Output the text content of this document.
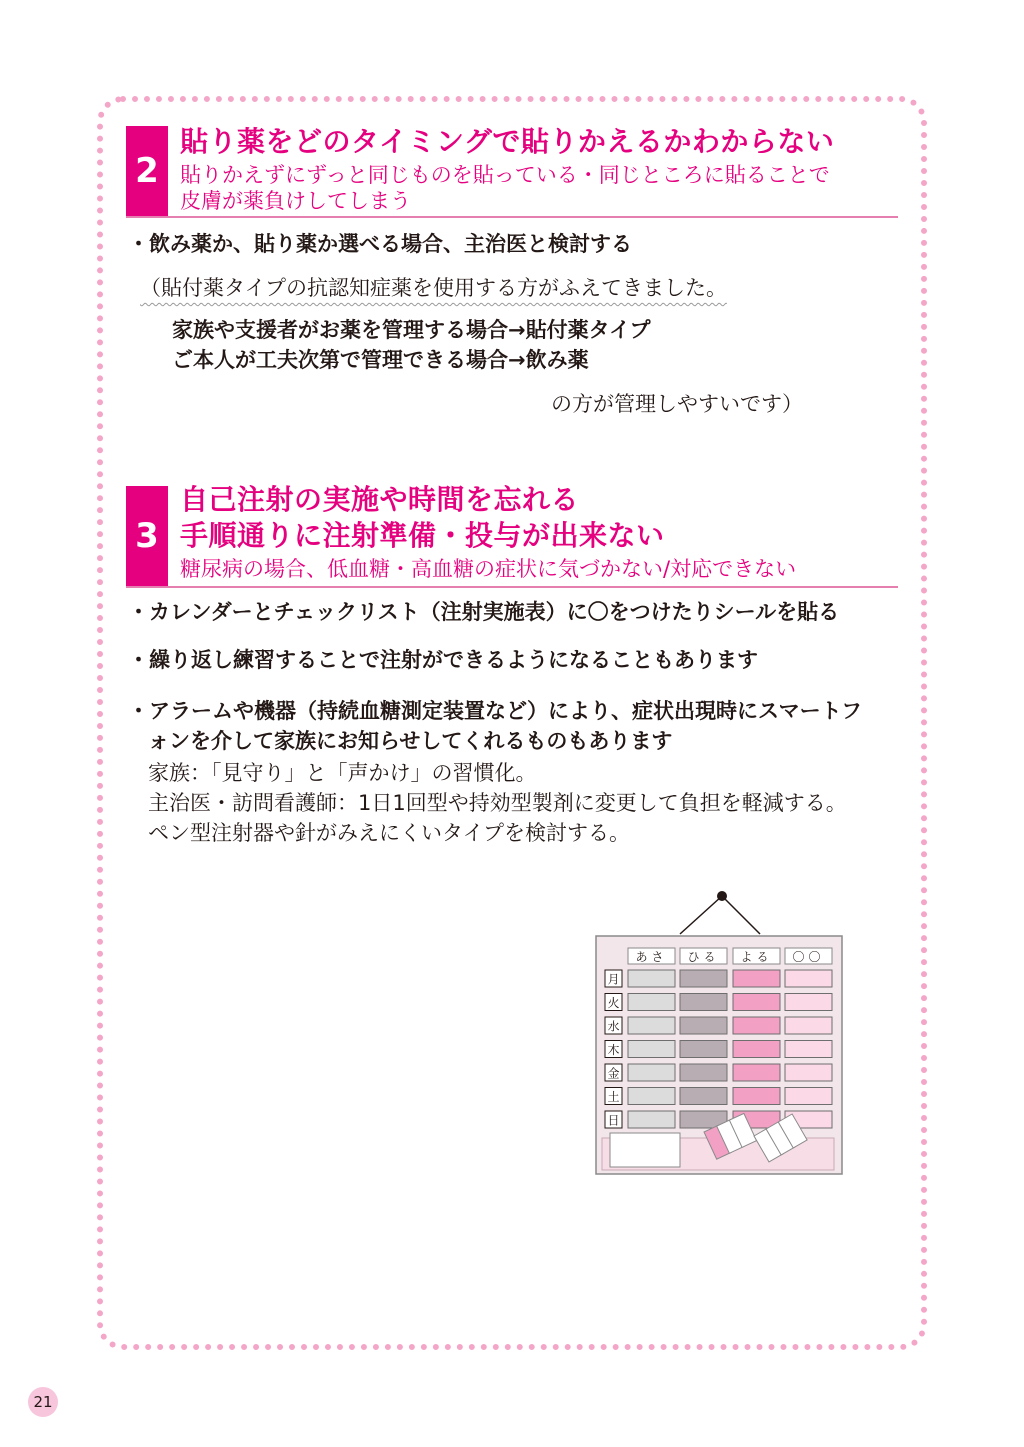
2
貼り薬をどのタイミングで貼りかえるかわからない
貼りかえずにずっと同じものを貼っている・同じところに貼ることで
皮膚が薬負けしてしまう
・飲み薬か、貼り薬か選べる場合、主治医と検討する
（貼付薬タイプの抗認知症薬を使用する方がふえてきました。
家族や支援者がお薬を管理する場合→貼付薬タイプ
ご本人が工夫次第で管理できる場合→飲み薬
の方が管理しやすいです）
3
自己注射の実施や時間を忘れる
手順通りに注射準備・投与が出来ない
糖尿病の場合、低血糖・高血糖の症状に気づかない/対応できない
・カレンダーとチェックリスト（注射実施表）に〇をつけたりシールを貼る
・繰り返し練習することで注射ができるようになることもあります
・アラームや機器（持続血糖測定装置など）により、症状出現時にスマートフ
ォンを介して家族にお知らせしてくれるものもあります
家族：「見守り」と「声かけ」の習慣化。
主治医・訪問看護師：1日1回型や持効型製剤に変更して負担を軽減する。
ペン型注射器や針がみえにくいタイプを検討する。
あさ ひる よる 〇〇
月
火
水
木
金
土
日
21
